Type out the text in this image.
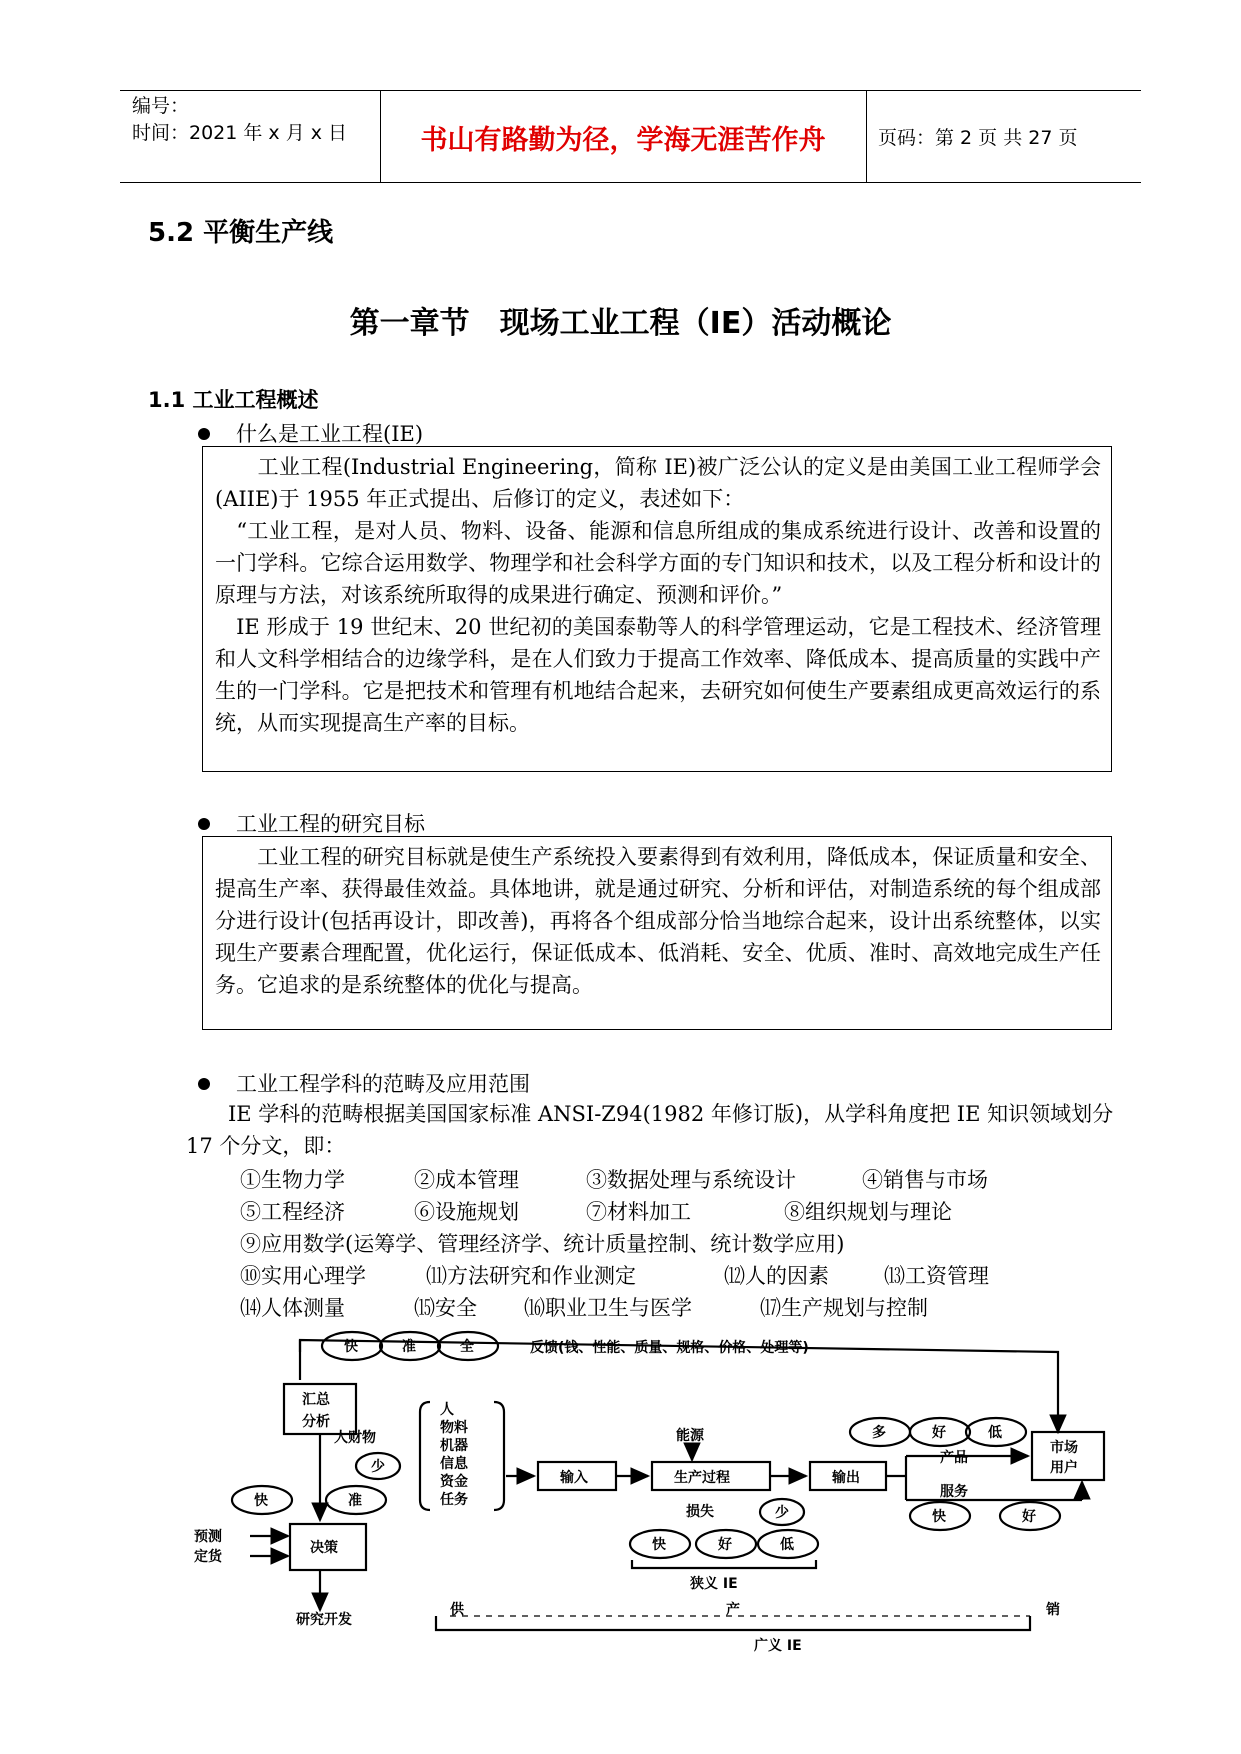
编号：
时间：2021 年 x 月 x 日	书山有路勤为径，学海无涯苦作舟	页码：第 2 页 共 27 页
5.2 平衡生产线
第一章节　现场工业工程（IE）活动概论
1.1 工业工程概述
什么是工业工程(IE)

　　工业工程(Industrial Engineering，简称 IE)被广泛公认的定义是由美国工业工程师学会(AIIE)于 1955 年正式提出、后修订的定义，表述如下：

　“工业工程，是对人员、物料、设备、能源和信息所组成的集成系统进行设计、改善和设置的一门学科。它综合运用数学、物理学和社会科学方面的专门知识和技术，以及工程分析和设计的原理与方法，对该系统所取得的成果进行确定、预测和评价。”

　IE 形成于 19 世纪末、20 世纪初的美国泰勒等人的科学管理运动，它是工程技术、经济管理和人文科学相结合的边缘学科，是在人们致力于提高工作效率、降低成本、提高质量的实践中产生的一门学科。它是把技术和管理有机地结合起来，去研究如何使生产要素组成更高效运行的系统，从而实现提高生产率的目标。

工业工程的研究目标

　　工业工程的研究目标就是使生产系统投入要素得到有效利用，降低成本，保证质量和安全、提高生产率、获得最佳效益。具体地讲，就是通过研究、分析和评估，对制造系统的每个组成部分进行设计(包括再设计，即改善)，再将各个组成部分恰当地综合起来，设计出系统整体，以实现生产要素合理配置，优化运行，保证低成本、低消耗、安全、优质、准时、高效地完成生产任务。它追求的是系统整体的优化与提高。

工业工程学科的范畴及应用范围

　　IE 学科的范畴根据美国国家标准 ANSI-Z94(1982 年修订版)，从学科角度把 IE 知识领域划分 17 个分文，即：

①生物力学	②成本管理	③数据处理与系统设计	④销售与市场
⑤工程经济	⑥设施规划	⑦材料加工	⑧组织规划与理论
⑨应用数学(运筹学、管理经济学、统计质量控制、统计数学应用)
⑩实用心理学	⑾方法研究和作业测定	⑿人的因素	⒀工资管理
⒁人体测量	⒂安全 ⒃职业卫生与医学	⒄生产规划与控制
快	准	全	反馈(钱、性能、质量、规格、价格、处理等)
汇总
分析
人财物
少
人
物料
机器
信息
资金
任务
输入
能源
生产过程
损失	少
输出
多	好	低
产品
服务
快	好
市场
用户
快	准
预测
定货
决策	快	好	低
狭义 IE
研究开发
供	产	销
广义 IE
